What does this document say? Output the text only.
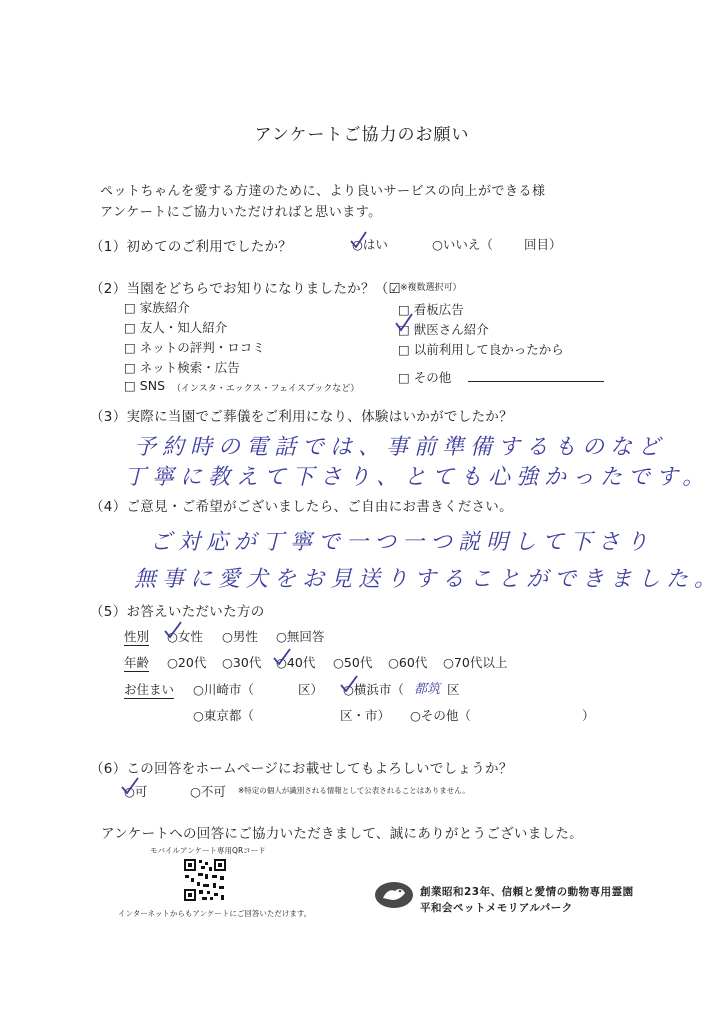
アンケートご協力のお願い
ペットちゃんを愛する方達のために、より良いサービスの向上ができる様
アンケートにご協力いただければと思います。
（1）初めてのご利用でしたか？	○はい	○いいえ（ 回目）
（2）当園をどちらでお知りになりましたか？（☑ ※複数選択可）
□ 家族紹介
□ 友人・知人紹介
□ ネットの評判・ロコミ
□ ネット検索・広告
□ SNS （インスタ・エックス・フェイスブックなど）
□ 看板広告
□ 獣医さん紹介
□ 以前利用して良かったから
□ その他
（3）実際に当園でご葬儀をご利用になり、体験はいかがでしたか？
予約時の電話では、事前準備するものなど
丁寧に教えて下さり、とても心強かったです。
（4）ご意見・ご希望がございましたら、ご自由にお書きください。
ご対応が丁寧で一つ一つ説明して下さり
無事に愛犬をお見送りすることができました。
（5）お答えいただいた方の
性別 ○女性 ○男性 ○無回答
年齢 ○20代 ○30代 ○40代 ○50代 ○60代 ○70代以上
お住まい ○川崎市（	区） ○横浜市（ 都筑 区
○東京都（	区・市） ○その他（	）
（6）この回答をホームページにお載せしてもよろしいでしょうか？
○可	○不可 ※特定の個人が識別される情報として公表されることはありません。
アンケートへの回答にご協力いただきまして、誠にありがとうございました。
モバイルアンケート専用QRコード
インターネットからもアンケートにご回答いただけます。
創業昭和23年、信頼と愛情の動物専用霊園
平和会ペットメモリアルパーク
